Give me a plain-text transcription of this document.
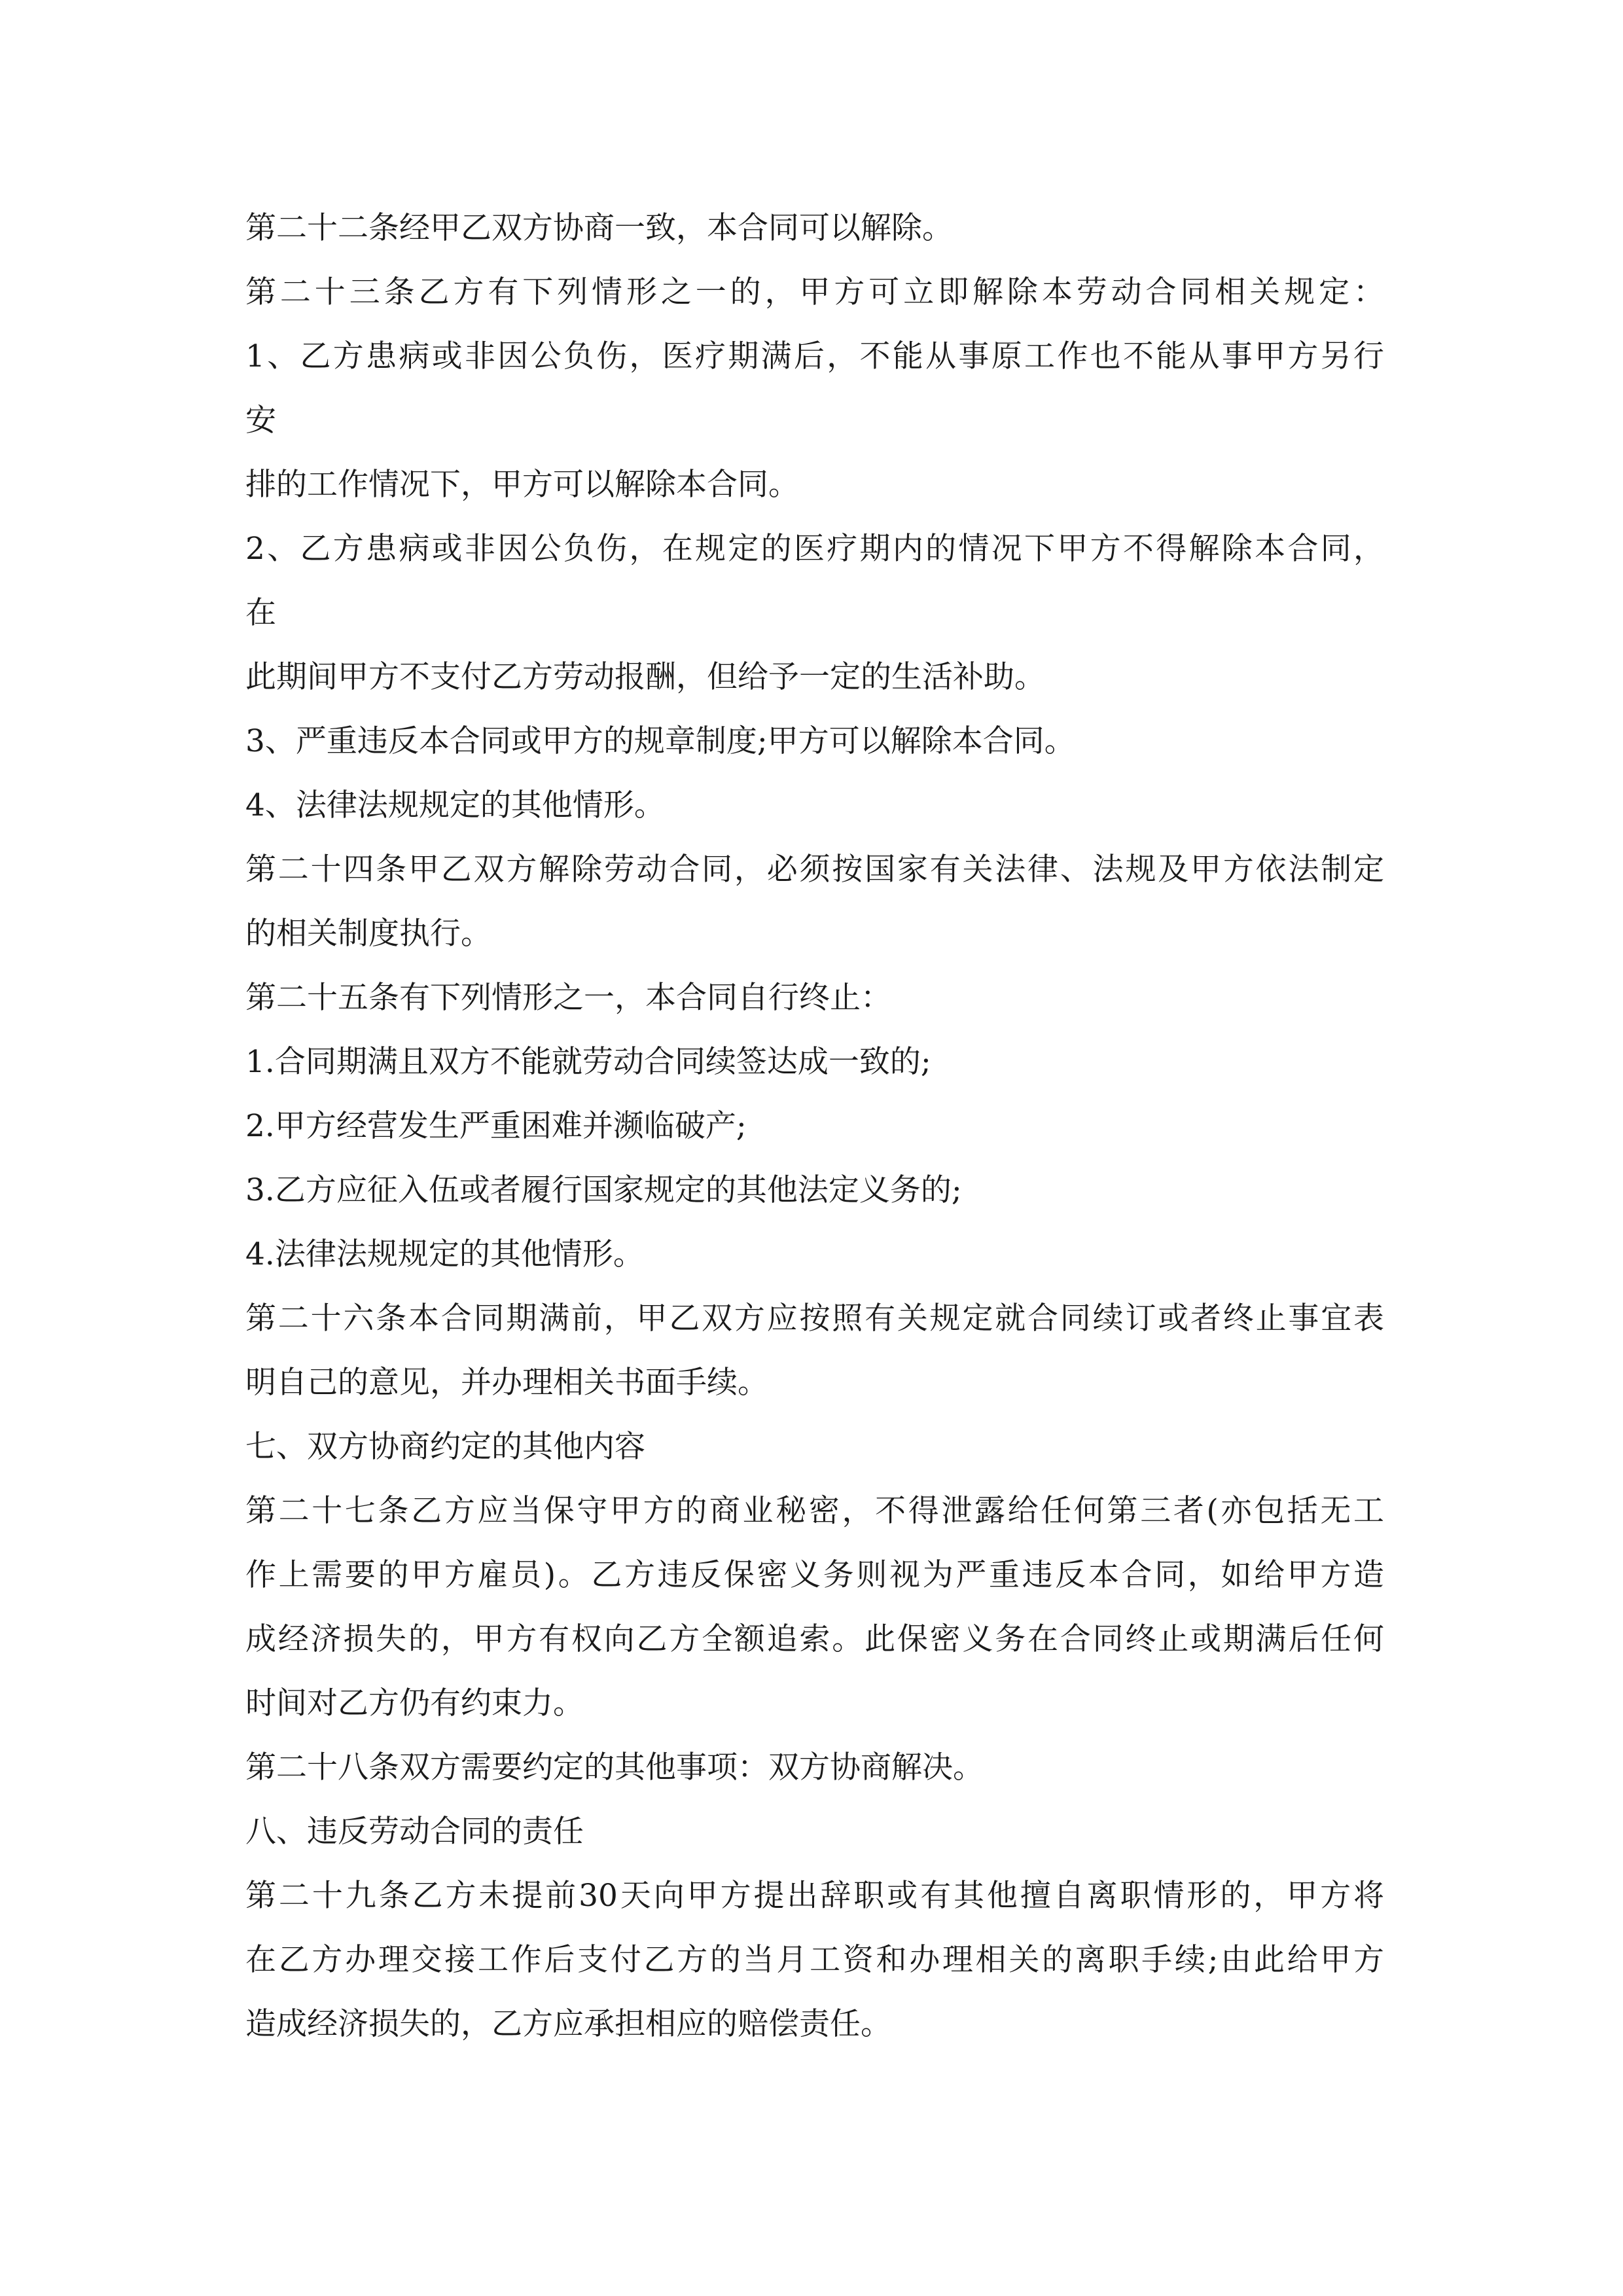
第二十二条经甲乙双方协商一致，本合同可以解除。
第二十三条乙方有下列情形之一的，甲方可立即解除本劳动合同相关规定：
1、乙方患病或非因公负伤，医疗期满后，不能从事原工作也不能从事甲方另行
安
排的工作情况下，甲方可以解除本合同。
2、乙方患病或非因公负伤，在规定的医疗期内的情况下甲方不得解除本合同，
在
此期间甲方不支付乙方劳动报酬，但给予一定的生活补助。
3、严重违反本合同或甲方的规章制度;甲方可以解除本合同。
4、法律法规规定的其他情形。
第二十四条甲乙双方解除劳动合同，必须按国家有关法律、法规及甲方依法制定
的相关制度执行。
第二十五条有下列情形之一，本合同自行终止：
1.合同期满且双方不能就劳动合同续签达成一致的;
2.甲方经营发生严重困难并濒临破产;
3.乙方应征入伍或者履行国家规定的其他法定义务的;
4.法律法规规定的其他情形。
第二十六条本合同期满前，甲乙双方应按照有关规定就合同续订或者终止事宜表
明自己的意见，并办理相关书面手续。
七、双方协商约定的其他内容
第二十七条乙方应当保守甲方的商业秘密，不得泄露给任何第三者(亦包括无工
作上需要的甲方雇员)。乙方违反保密义务则视为严重违反本合同，如给甲方造
成经济损失的，甲方有权向乙方全额追索。此保密义务在合同终止或期满后任何
时间对乙方仍有约束力。
第二十八条双方需要约定的其他事项：双方协商解决。
八、违反劳动合同的责任
第二十九条乙方未提前30天向甲方提出辞职或有其他擅自离职情形的，甲方将
在乙方办理交接工作后支付乙方的当月工资和办理相关的离职手续;由此给甲方
造成经济损失的，乙方应承担相应的赔偿责任。
